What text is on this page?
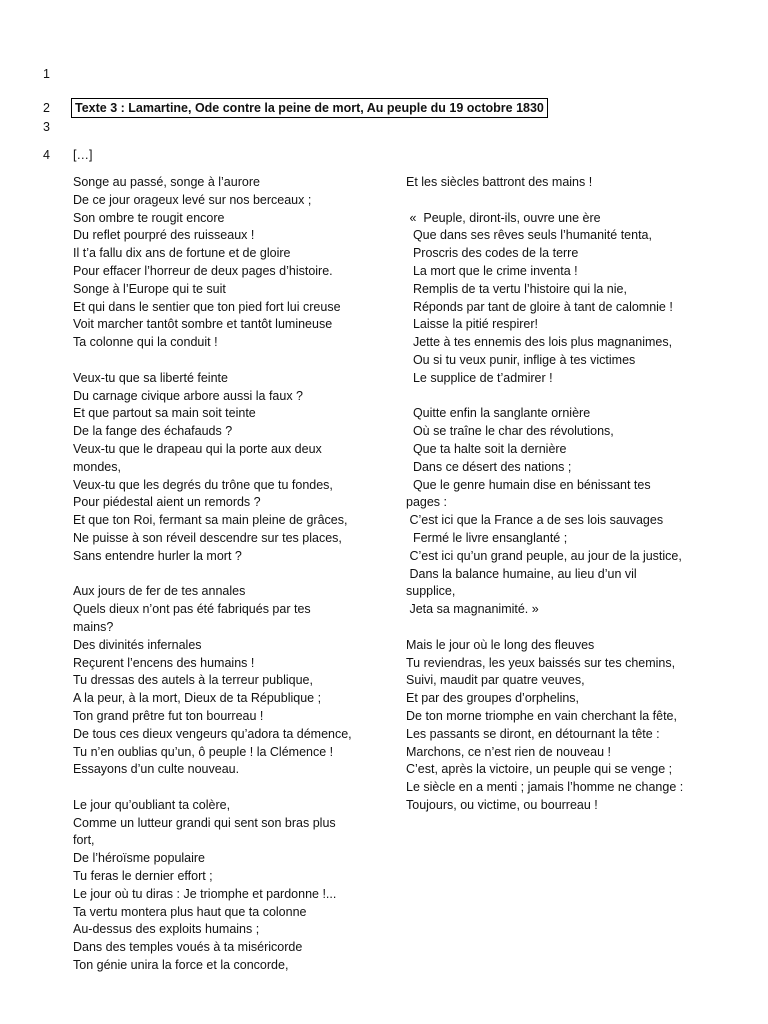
1
2
3
4
Texte 3 : Lamartine, Ode contre la peine de mort, Au peuple du 19 octobre 1830
[…]
Songe au passé, songe à l’aurore
De ce jour orageux levé sur nos berceaux ;
Son ombre te rougit encore
Du reflet pourpré des ruisseaux !
Il t’a fallu dix ans de fortune et de gloire
Pour effacer l’horreur de deux pages d’histoire.
Songe à l’Europe qui te suit
Et qui dans le sentier que ton pied fort lui creuse
Voit marcher tantôt sombre et tantôt lumineuse
Ta colonne qui la conduit !
Veux-tu que sa liberté feinte
Du carnage civique arbore aussi la faux ?
Et que partout sa main soit teinte
De la fange des échafauds ?
Veux-tu que le drapeau qui la porte aux deux
mondes,
Veux-tu que les degrés du trône que tu fondes,
Pour piédestal aient un remords ?
Et que ton Roi, fermant sa main pleine de grâces,
Ne puisse à son réveil descendre sur tes places,
Sans entendre hurler la mort ?
Aux jours de fer de tes annales
Quels dieux n’ont pas été fabriqués par tes
mains?
Des divinités infernales
Reçurent l’encens des humains !
Tu dressas des autels à la terreur publique,
A la peur, à la mort, Dieux de ta République ;
Ton grand prêtre fut ton bourreau !
De tous ces dieux vengeurs qu’adora ta démence,
Tu n’en oublias qu’un, ô peuple ! la Clémence !
Essayons d’un culte nouveau.
Le jour qu’oubliant ta colère,
Comme un lutteur grandi qui sent son bras plus
fort,
De l’héroïsme populaire
Tu feras le dernier effort ;
Le jour où tu diras : Je triomphe et pardonne !...
Ta vertu montera plus haut que ta colonne
Au-dessus des exploits humains ;
Dans des temples voués à ta miséricorde
Ton génie unira la force et la concorde,
Et les siècles battront des mains !
«  Peuple, diront-ils, ouvre une ère
Que dans ses rêves seuls l’humanité tenta,
Proscris des codes de la terre
La mort que le crime inventa !
Remplis de ta vertu l’histoire qui la nie,
Réponds par tant de gloire à tant de calomnie !
Laisse la pitié respirer!
Jette à tes ennemis des lois plus magnanimes,
Ou si tu veux punir, inflige à tes victimes
Le supplice de t’admirer !
Quitte enfin la sanglante ornière
Où se traîne le char des révolutions,
Que ta halte soit la dernière
Dans ce désert des nations ;
Que le genre humain dise en bénissant tes
pages :
C’est ici que la France a de ses lois sauvages
Fermé le livre ensanglanté ;
C’est ici qu’un grand peuple, au jour de la justice,
Dans la balance humaine, au lieu d’un vil
supplice,
Jeta sa magnanimité. »
Mais le jour où le long des fleuves
Tu reviendras, les yeux baissés sur tes chemins,
Suivi, maudit par quatre veuves,
Et par des groupes d’orphelins,
De ton morne triomphe en vain cherchant la fête,
Les passants se diront, en détournant la tête :
Marchons, ce n’est rien de nouveau !
C’est, après la victoire, un peuple qui se venge ;
Le siècle en a menti ; jamais l’homme ne change :
Toujours, ou victime, ou bourreau !
